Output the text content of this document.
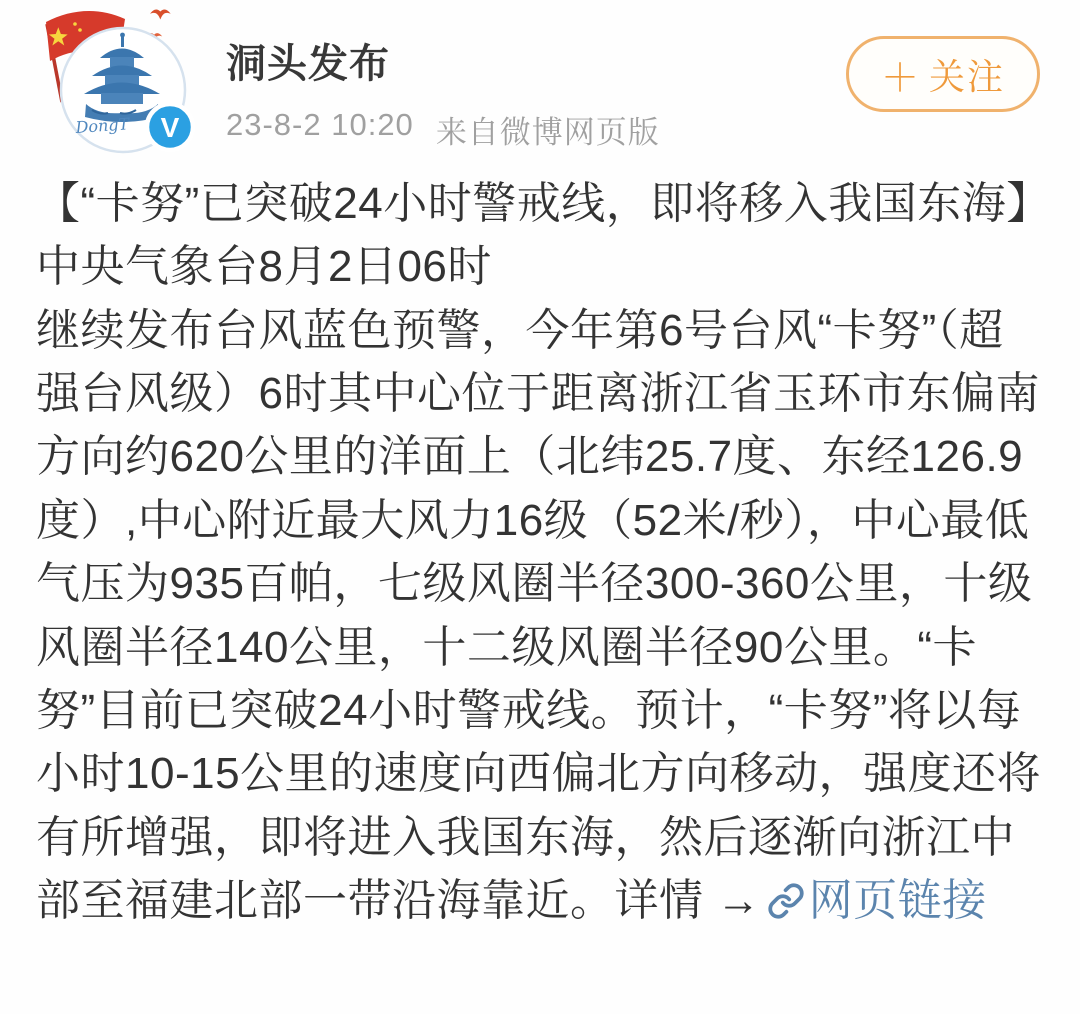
DongT V
洞头发布
23-8-2 10:20 来自微博网页版
＋ 关注
【“卡努”已突破24小时警戒线，即将移入我国东海】中央气象台8月2日06时
继续发布台风蓝色预警，今年第6号台风“卡努”（超强台风级）6时其中心位于距离浙江省玉环市东偏南方向约620公里的洋面上（北纬25.7度、东经126.9度）,中心附近最大风力16级（52米/秒），中心最低气压为935百帕，七级风圈半径300-360公里，十级风圈半径140公里，十二级风圈半径90公里。“卡努”目前已突破24小时警戒线。预计，“卡努”将以每小时10-15公里的速度向西偏北方向移动，强度还将有所增强，即将进入我国东海，然后逐渐向浙江中部至福建北部一带沿海靠近。详情 → 网页链接
